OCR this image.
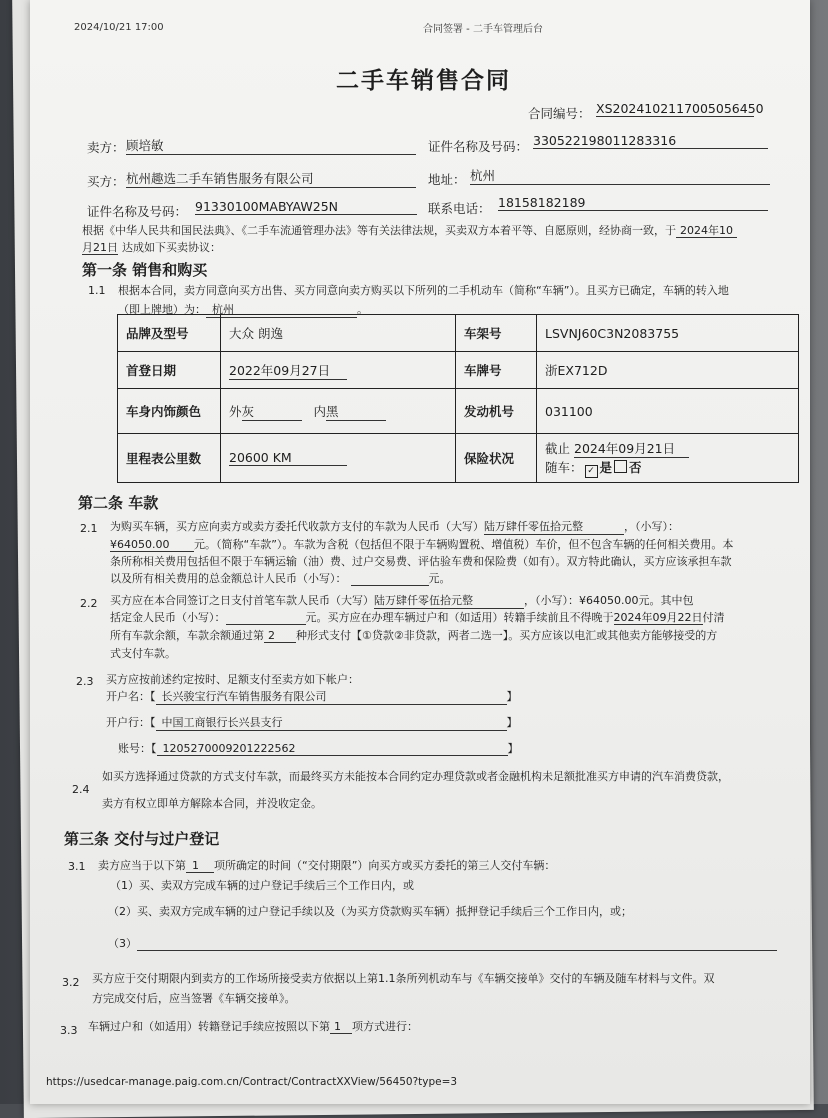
2024/10/21 17:00	合同签署 - 二手车管理后台
二手车销售合同
合同编号： XS20241021170050564​50
卖方： 顾培敏	证件名称及号码： 330522198011283316
买方： 杭州趣选二手车销售服务有限公司	地址： 杭州
证件名称及号码： 91330100MABYAW25N	联系电话： 18158182189
根据《中华人民共和国民法典》、《二手车流通管理办法》等有关法律法规，买卖双方本着平等、自愿原则，经协商一致，于 2024年10
月21日 达成如下买卖协议：
第一条 销售和购买
1.1 根据本合同，卖方同意向买方出售、买方同意向卖方购买以下所列的二手机动车（简称“车辆”）。且买方已确定，车辆的转入地
（即上牌地）为： 杭州	。
品牌及型号	大众 朗逸	车架号	LSVNJ60C3N2083755
首登日期	2022年09月27日	车牌号	浙EX712D
车身内饰颜色	外灰 内黑	发动机号	031100
里程表公里数	20600 KM	保险状况	截止 2024年09月21日
随车： ✓ 是 否
第二条 车款
2.1 为购买车辆，买方应向卖方或卖方委托代收款方支付的车款为人民币（大写）陆万肆仟零伍拾元整	，（小写）：
¥64050.00 元。（简称“车款”）。车款为含税（包括但不限于车辆购置税、增值税）车价，但不包含车辆的任何相关费用。本
条所称相关费用包括但不限于车辆运输（油）费、过户交易费、评估验车费和保险费（如有）。双方特此确认，买方应该承担车款
以及所有相关费用的总金额总计人民币（小写）：	元。
2.2 买方应在本合同签订之日支付首笔车款人民币（大写）陆万肆仟零伍拾元整	，（小写）：¥64050.00元。其中包
括定金人民币（小写）：	元。买方应在办理车辆过户和（如适用）转籍手续前且不得晚于2024年09月22日付清
所有车款余额，车款余额通过第 2 种形式支付【①贷款②非贷款，两者二选一】。买方应该以电汇或其他卖方能够接受的方
式支付车款。
2.3 买方应按前述约定按时、足额支付至卖方如下帐户：
开户名：【 长兴骏宝行汽车销售服务有限公司	】
开户行：【 中国工商银行长兴县支行	】
账号：【 1205270009201222562	】
2.4
如买方选择通过贷款的方式支付车款，而最终买方未能按本合同约定办理贷款或者金融机构未足额批准买方申请的汽车消费贷款，
卖方有权立即单方解除本合同，并没收定金。
第三条 交付与过户登记
3.1 卖方应当于以下第 1 项所确定的时间（“交付期限”）向买方或买方委托的第三人交付车辆：
（1）买、卖双方完成车辆的过户登记手续后三个工作日内，或
（2）买、卖双方完成车辆的过户登记手续以及（为买方贷款购买车辆）抵押登记手续后三个工作日内，或；
（3）
3.2 买方应于交付期限内到卖方的工作场所接受卖方依据以上第1.1条所列机动车与《车辆交接单》交付的车辆及随车材料与文件。双
方完成交付后，应当签署《车辆交接单》。
3.3 车辆过户和（如适用）转籍登记手续应按照以下第 1 项方式进行：
https://usedcar-manage.paig.com.cn/Contract/ContractXXView/56450?type=3
